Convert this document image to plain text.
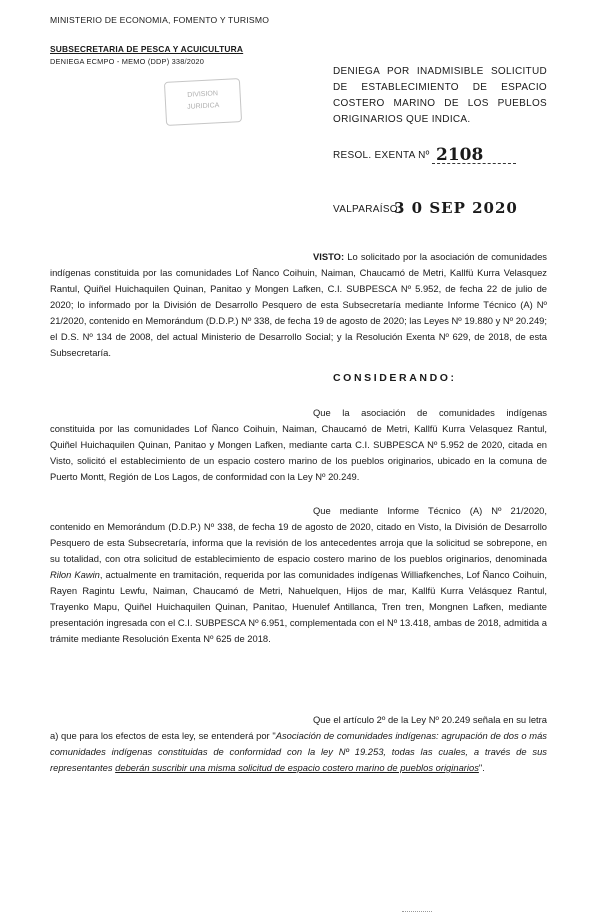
MINISTERIO DE ECONOMIA, FOMENTO Y TURISMO
SUBSECRETARIA DE PESCA Y ACUICULTURA
DENIEGA ECMPO - MEMO (DDP) 338/2020
DIVISION
JURIDICA
DENIEGA POR INADMISIBLE SOLICITUD DE ESTABLECIMIENTO DE ESPACIO COSTERO MARINO DE LOS PUEBLOS ORIGINARIOS QUE INDICA.
RESOL. EXENTA Nº 2108
VALPARAÍSO,
3 0 SEP 2020
VISTO: Lo solicitado por la asociación de comunidades indígenas constituida por las comunidades Lof Ñanco Coihuin, Naiman, Chaucamó de Metri, Kallfü Kurra Velasquez Rantul, Quiñel Huichaquilen Quinan, Panitao y Mongen Lafken, C.I. SUBPESCA Nº 5.952, de fecha 22 de julio de 2020; lo informado por la División de Desarrollo Pesquero de esta Subsecretaría mediante Informe Técnico (A) Nº 21/2020, contenido en Memorándum (D.D.P.) Nº 338, de fecha 19 de agosto de 2020; las Leyes Nº 19.880 y Nº 20.249; el D.S. Nº 134 de 2008, del actual Ministerio de Desarrollo Social; y la Resolución Exenta Nº 629, de 2018, de esta Subsecretaría.
CONSIDERANDO:
Que la asociación de comunidades indígenas constituida por las comunidades Lof Ñanco Coihuin, Naiman, Chaucamó de Metri, Kallfü Kurra Velasquez Rantul, Quiñel Huichaquilen Quinan, Panitao y Mongen Lafken, mediante carta C.I. SUBPESCA Nº 5.952 de 2020, citada en Visto, solicitó el establecimiento de un espacio costero marino de los pueblos originarios, ubicado en la comuna de Puerto Montt, Región de Los Lagos, de conformidad con la Ley Nº 20.249.
Que mediante Informe Técnico (A) Nº 21/2020, contenido en Memorándum (D.D.P.) Nº 338, de fecha 19 de agosto de 2020, citado en Visto, la División de Desarrollo Pesquero de esta Subsecretaría, informa que la revisión de los antecedentes arroja que la solicitud se sobrepone, en su totalidad, con otra solicitud de establecimiento de espacio costero marino de los pueblos originarios, denominada Rilon Kawin, actualmente en tramitación, requerida por las comunidades indígenas Williafkenches, Lof Ñanco Coihuin, Rayen Ragintu Lewfu, Naiman, Chaucamó de Metri, Nahuelquen, Hijos de mar, Kallfü Kurra Velásquez Rantul, Trayenko Mapu, Quiñel Huichaquilen Quinan, Panitao, Huenulef Antillanca, Tren tren, Mongnen Lafken, mediante presentación ingresada con el C.I. SUBPESCA Nº 6.951, complementada con el Nº 13.418, ambas de 2018, admitida a trámite mediante Resolución Exenta Nº 625 de 2018.
Que el artículo 2º de la Ley Nº 20.249 señala en su letra a) que para los efectos de esta ley, se entenderá por "Asociación de comunidades indígenas: agrupación de dos o más comunidades indígenas constituidas de conformidad con la ley Nº 19.253, todas las cuales, a través de sus representantes deberán suscribir una misma solicitud de espacio costero marino de pueblos originarios".
